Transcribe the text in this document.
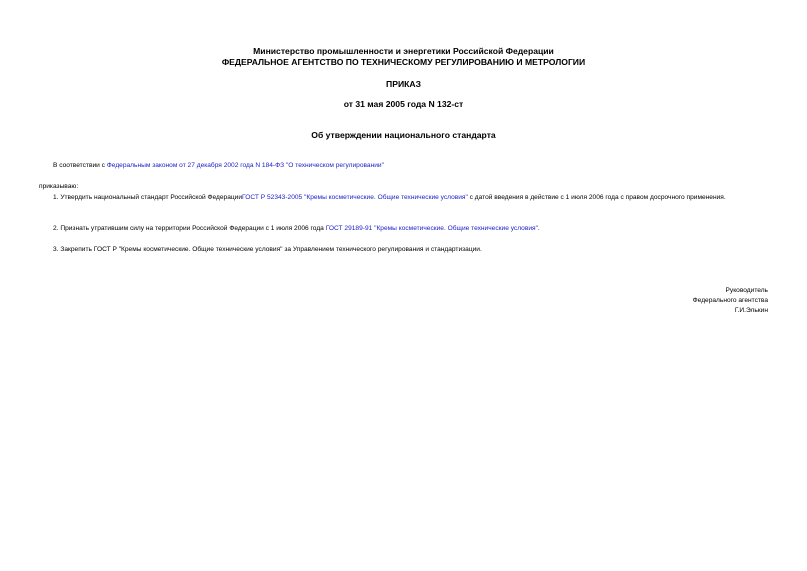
Министерство промышленности и энергетики Российской Федерации
ФЕДЕРАЛЬНОЕ АГЕНТСТВО ПО ТЕХНИЧЕСКОМУ РЕГУЛИРОВАНИЮ И МЕТРОЛОГИИ
ПРИКАЗ
от 31 мая 2005 года N 132-ст
Об утверждении национального стандарта
В соответствии с Федеральным законом от 27 декабря 2002 года N 184-ФЗ "О техническом регулировании"
приказываю:
1. Утвердить национальный стандарт Российской ФедерацииГОСТ Р 52343-2005 "Кремы косметические. Общие технические условия" с датой введения в действие с 1 июля 2006 года с правом досрочного применения.
2. Признать утратившим силу на территории Российской Федерации с 1 июля 2006 года ГОСТ 29189-91 "Кремы косметические. Общие технические условия".
3. Закрепить ГОСТ Р "Кремы косметические. Общие технические условия" за Управлением технического регулирования и стандартизации.
Руководитель
Федерального агентства
Г.И.Элькин
